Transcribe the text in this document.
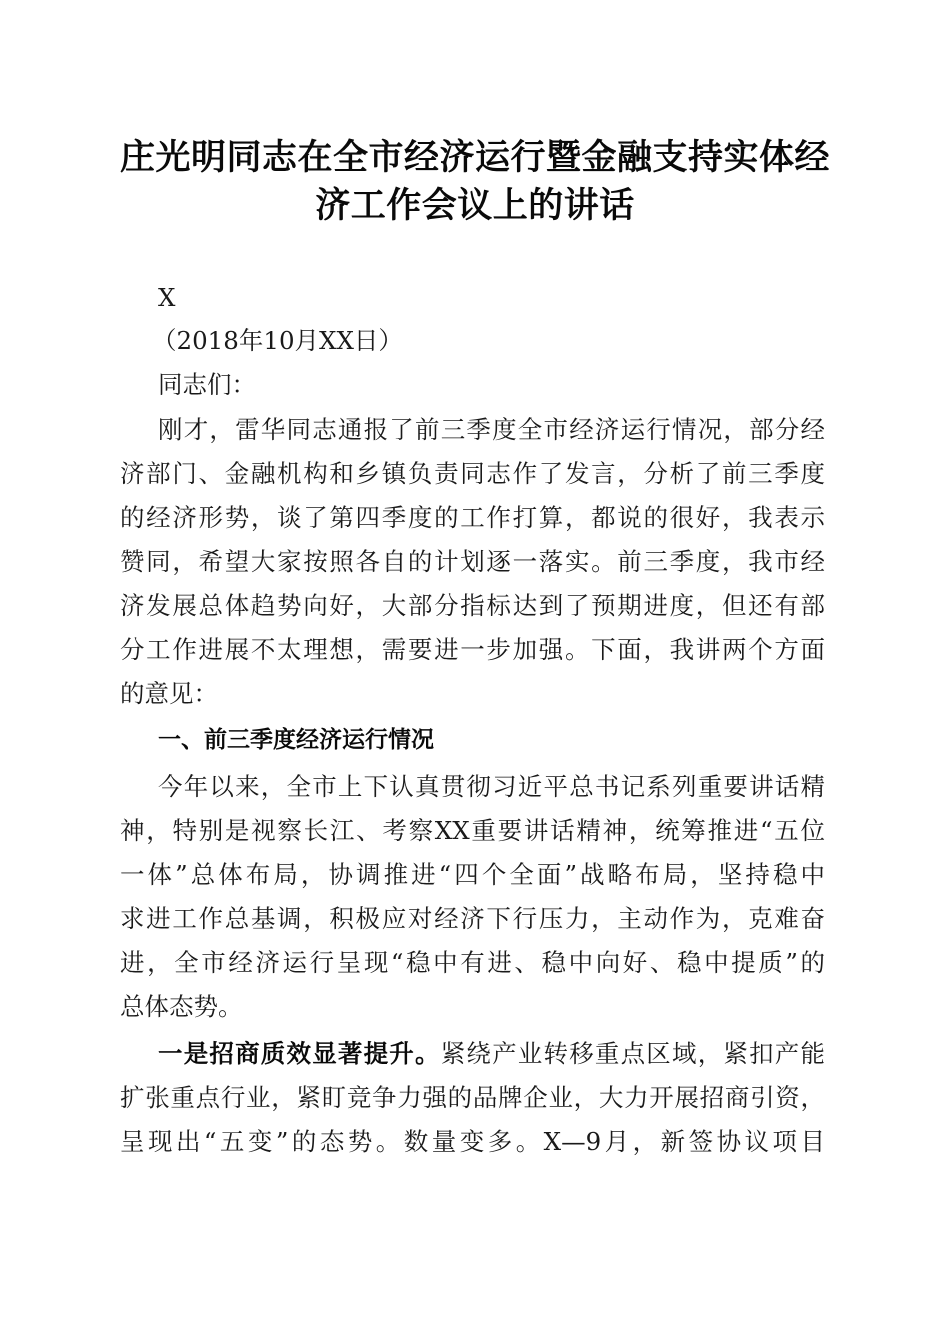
庄光明同志在全市经济运行暨金融支持实体经
济工作会议上的讲话
X
（2018年10月XX日）
同志们：
刚才，雷华同志通报了前三季度全市经济运行情况，部分经
济部门、金融机构和乡镇负责同志作了发言，分析了前三季度
的经济形势，谈了第四季度的工作打算，都说的很好，我表示
赞同，希望大家按照各自的计划逐一落实。前三季度，我市经
济发展总体趋势向好，大部分指标达到了预期进度，但还有部
分工作进展不太理想，需要进一步加强。下面，我讲两个方面
的意见：
一、前三季度经济运行情况
今年以来，全市上下认真贯彻习近平总书记系列重要讲话精
神，特别是视察长江、考察XX重要讲话精神，统筹推进“五位
一体”总体布局，协调推进“四个全面”战略布局，坚持稳中
求进工作总基调，积极应对经济下行压力，主动作为，克难奋
进，全市经济运行呈现“稳中有进、稳中向好、稳中提质”的
总体态势。
一是招商质效显著提升。紧绕产业转移重点区域，紧扣产能
扩张重点行业，紧盯竞争力强的品牌企业，大力开展招商引资，
呈现出“五变”的态势。数量变多。X—9月，新签协议项目
